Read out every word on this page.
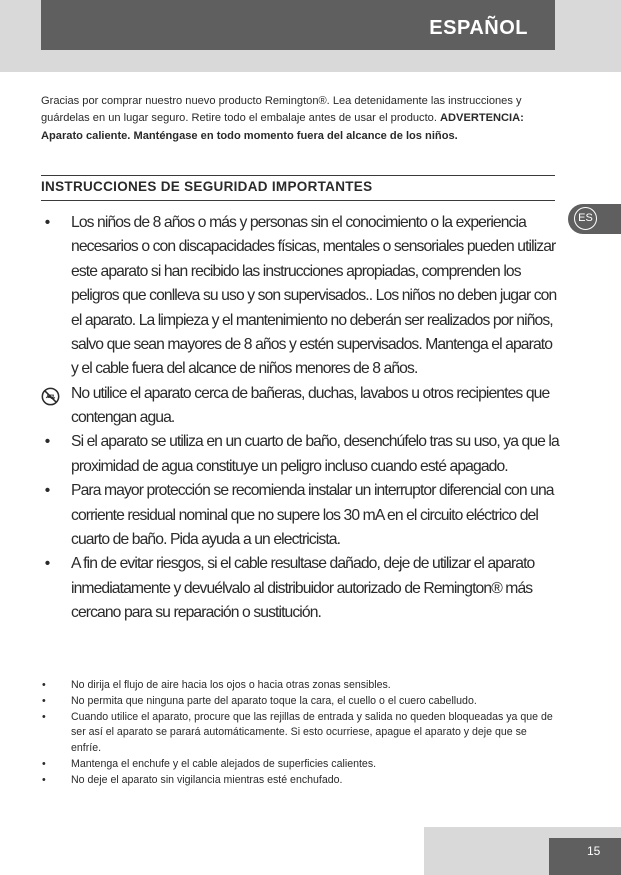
ESPAÑOL

Gracias por comprar nuestro nuevo producto Remington®. Lea detenidamente las instrucciones y guárdelas en un lugar seguro. Retire todo el embalaje antes de usar el producto. ADVERTENCIA: Aparato caliente. Manténgase en todo momento fuera del alcance de los niños.

INSTRUCCIONES DE SEGURIDAD IMPORTANTES
ES
• Los niños de 8 años o más y personas sin el conocimiento o la experiencia necesarios o con discapacidades físicas, mentales o sensoriales pueden utilizar este aparato si han recibido las instrucciones apropiadas, comprenden los peligros que conlleva su uso y son supervisados.. Los niños no deben jugar con el aparato. La limpieza y el mantenimiento no deberán ser realizados por niños, salvo que sean mayores de 8 años y estén supervisados. Mantenga el aparato y el cable fuera del alcance de niños menores de 8 años.
No utilice el aparato cerca de bañeras, duchas, lavabos u otros recipientes que contengan agua.
• Si el aparato se utiliza en un cuarto de baño, desenchúfelo tras su uso, ya que la proximidad de agua constituye un peligro incluso cuando esté apagado.
• Para mayor protección se recomienda instalar un interruptor diferencial con una corriente residual nominal que no supere los 30 mA en el circuito eléctrico del cuarto de baño. Pida ayuda a un electricista.
• A fin de evitar riesgos, si el cable resultase dañado, deje de utilizar el aparato inmediatamente y devuélvalo al distribuidor autorizado de Remington® más cercano para su reparación o sustitución.
• No dirija el flujo de aire hacia los ojos o hacia otras zonas sensibles.
• No permita que ninguna parte del aparato toque la cara, el cuello o el cuero cabelludo.
• Cuando utilice el aparato, procure que las rejillas de entrada y salida no queden bloqueadas ya que de ser así el aparato se parará automáticamente. Si esto ocurriese, apague el aparato y deje que se enfríe.
• Mantenga el enchufe y el cable alejados de superficies calientes.
• No deje el aparato sin vigilancia mientras esté enchufado.
15
